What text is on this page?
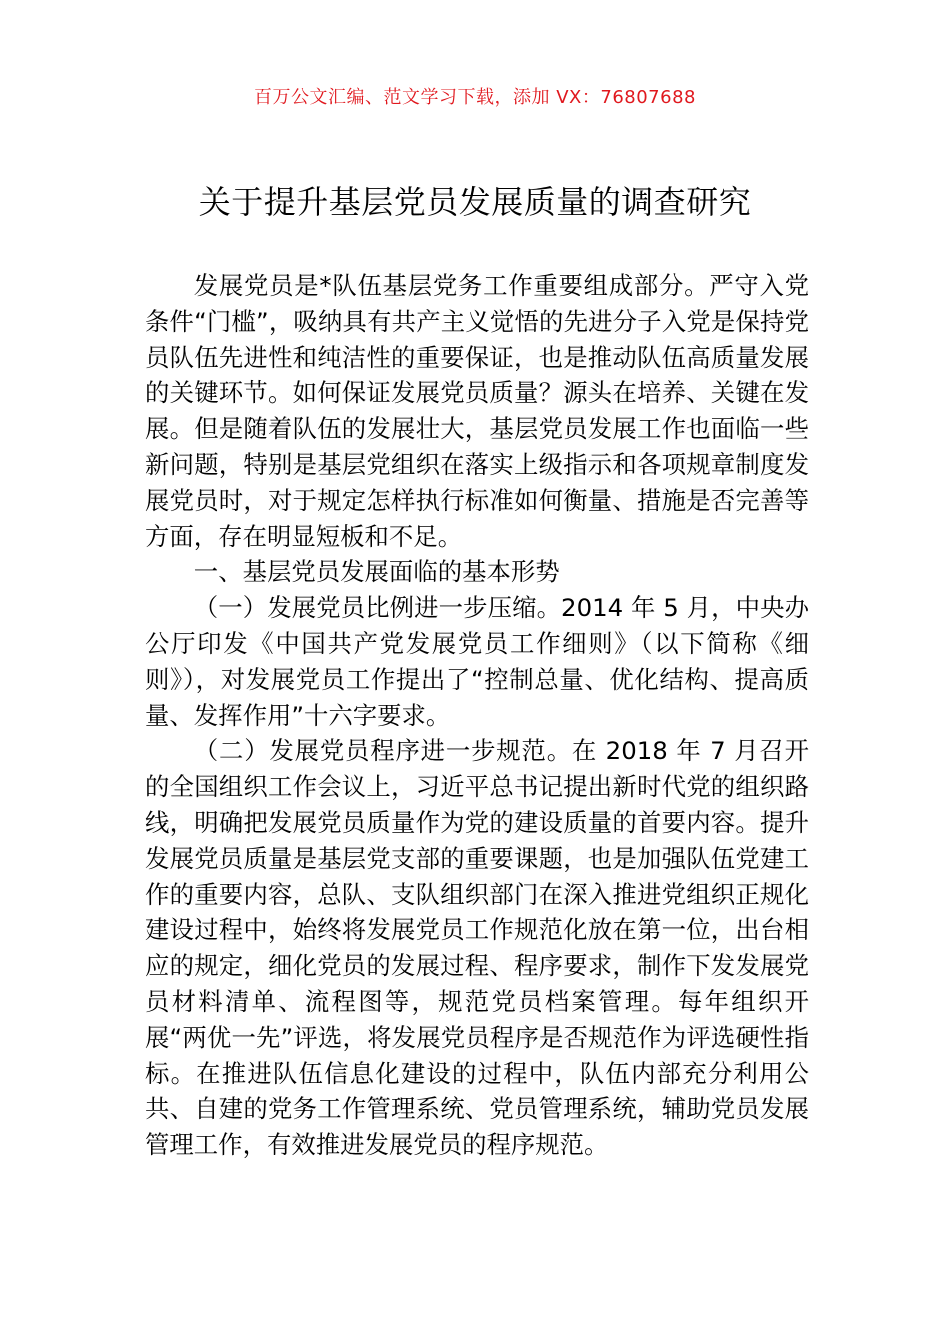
百万公文汇编、范文学习下载，添加 VX：76807688
关于提升基层党员发展质量的调查研究

发展党员是*队伍基层党务工作重要组成部分。严守入党条件“门槛”，吸纳具有共产主义觉悟的先进分子入党是保持党员队伍先进性和纯洁性的重要保证，也是推动队伍高质量发展的关键环节。如何保证发展党员质量？源头在培养、关键在发展。但是随着队伍的发展壮大，基层党员发展工作也面临一些新问题，特别是基层党组织在落实上级指示和各项规章制度发展党员时，对于规定怎样执行标准如何衡量、措施是否完善等方面，存在明显短板和不足。

一、基层党员发展面临的基本形势

（一）发展党员比例进一步压缩。2014 年 5 月，中央办公厅印发《中国共产党发展党员工作细则》（以下简称《细则》），对发展党员工作提出了“控制总量、优化结构、提高质量、发挥作用”十六字要求。

（二）发展党员程序进一步规范。在 2018 年 7 月召开的全国组织工作会议上，习近平总书记提出新时代党的组织路线，明确把发展党员质量作为党的建设质量的首要内容。提升发展党员质量是基层党支部的重要课题，也是加强队伍党建工作的重要内容，总队、支队组织部门在深入推进党组织正规化建设过程中，始终将发展党员工作规范化放在第一位，出台相应的规定，细化党员的发展过程、程序要求，制作下发发展党员材料清单、流程图等，规范党员档案管理。每年组织开展“两优一先”评选，将发展党员程序是否规范作为评选硬性指标。在推进队伍信息化建设的过程中，队伍内部充分利用公共、自建的党务工作管理系统、党员管理系统，辅助党员发展管理工作，有效推进发展党员的程序规范。
